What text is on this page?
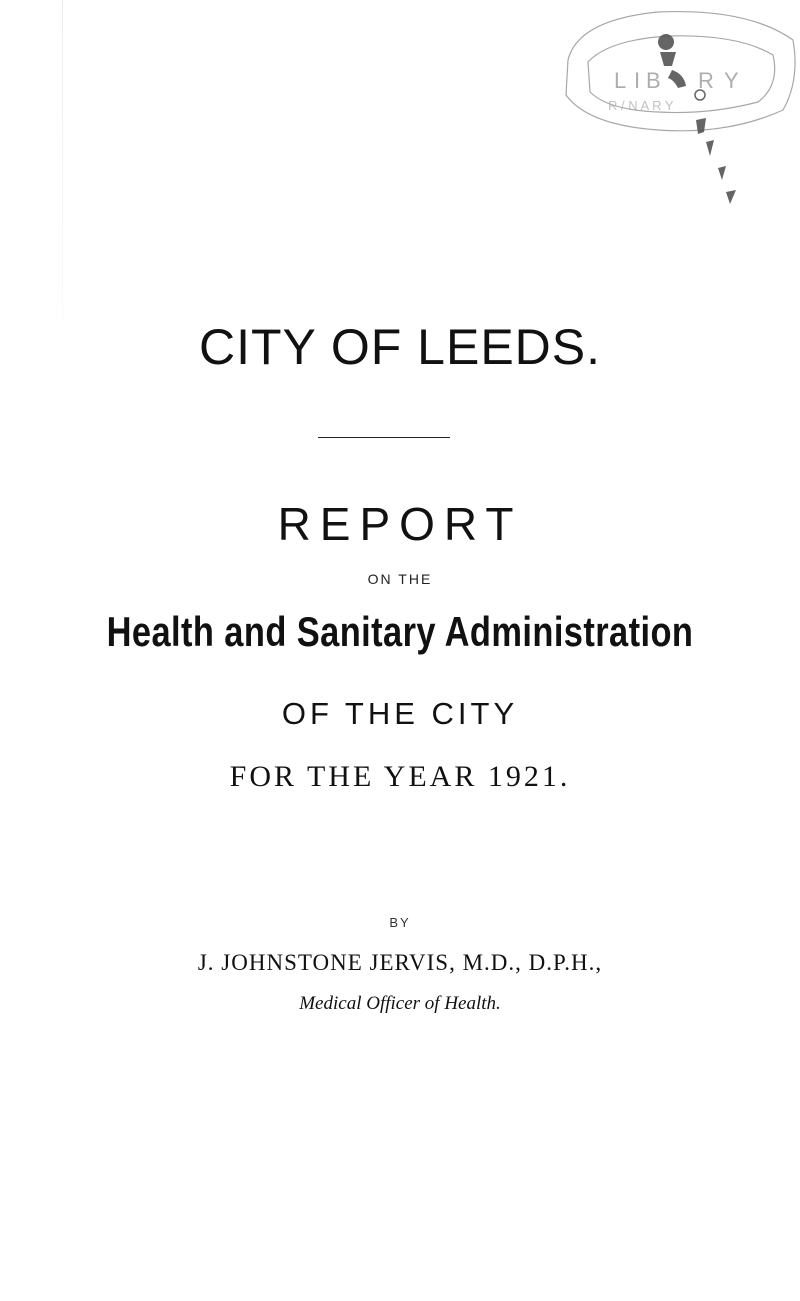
L I B R Y
R / N A R Y
CITY OF LEEDS.
REPORT
ON THE
Health and Sanitary Administration
OF THE CITY
FOR THE YEAR 1921.
BY
J. JOHNSTONE JERVIS, M.D., D.P.H.,
Medical Officer of Health.
